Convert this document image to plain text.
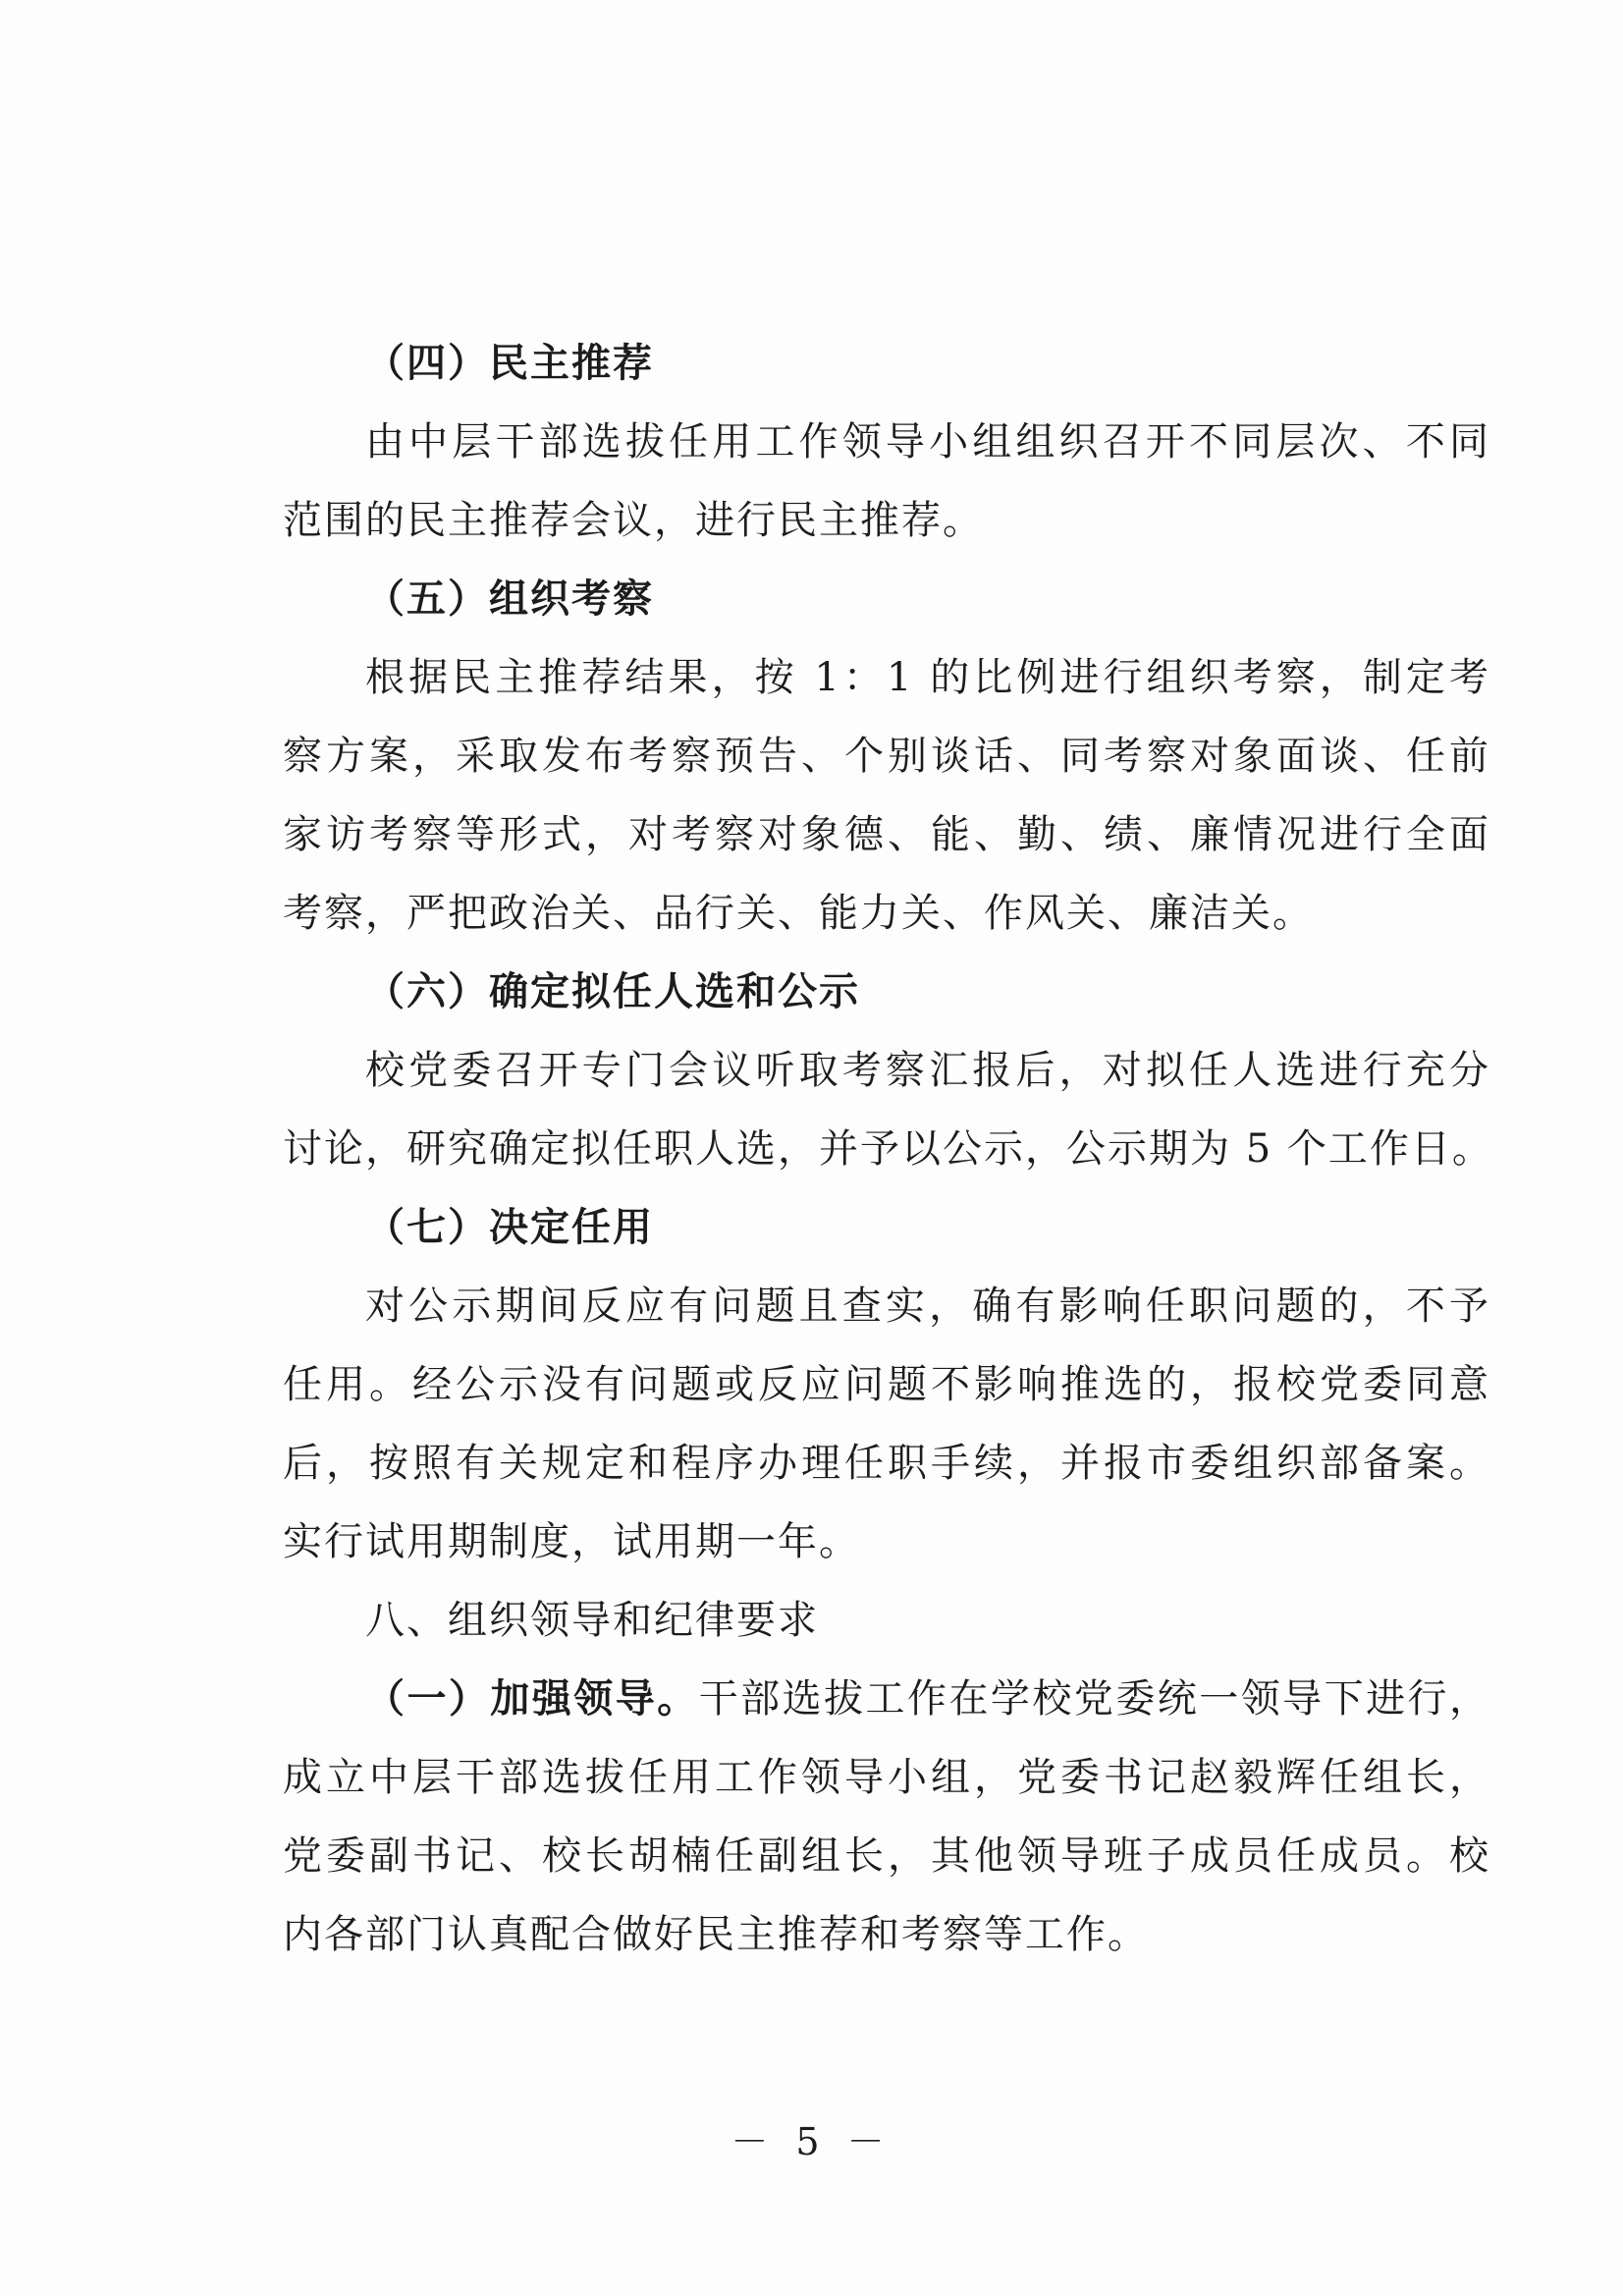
（四）民主推荐
由中层干部选拔任用工作领导小组组织召开不同层次、不同
范围的民主推荐会议，进行民主推荐。
（五）组织考察
根据民主推荐结果，按 1：1 的比例进行组织考察，制定考
察方案，采取发布考察预告、个别谈话、同考察对象面谈、任前
家访考察等形式，对考察对象德、能、勤、绩、廉情况进行全面
考察，严把政治关、品行关、能力关、作风关、廉洁关。
（六）确定拟任人选和公示
校党委召开专门会议听取考察汇报后，对拟任人选进行充分
讨论，研究确定拟任职人选，并予以公示，公示期为 5 个工作日。
（七）决定任用
对公示期间反应有问题且查实，确有影响任职问题的，不予
任用。经公示没有问题或反应问题不影响推选的，报校党委同意
后，按照有关规定和程序办理任职手续，并报市委组织部备案。
实行试用期制度，试用期一年。
八、组织领导和纪律要求
（一）加强领导。干部选拔工作在学校党委统一领导下进行，
成立中层干部选拔任用工作领导小组，党委书记赵毅辉任组长，
党委副书记、校长胡楠任副组长，其他领导班子成员任成员。校
内各部门认真配合做好民主推荐和考察等工作。
－ 5 －
